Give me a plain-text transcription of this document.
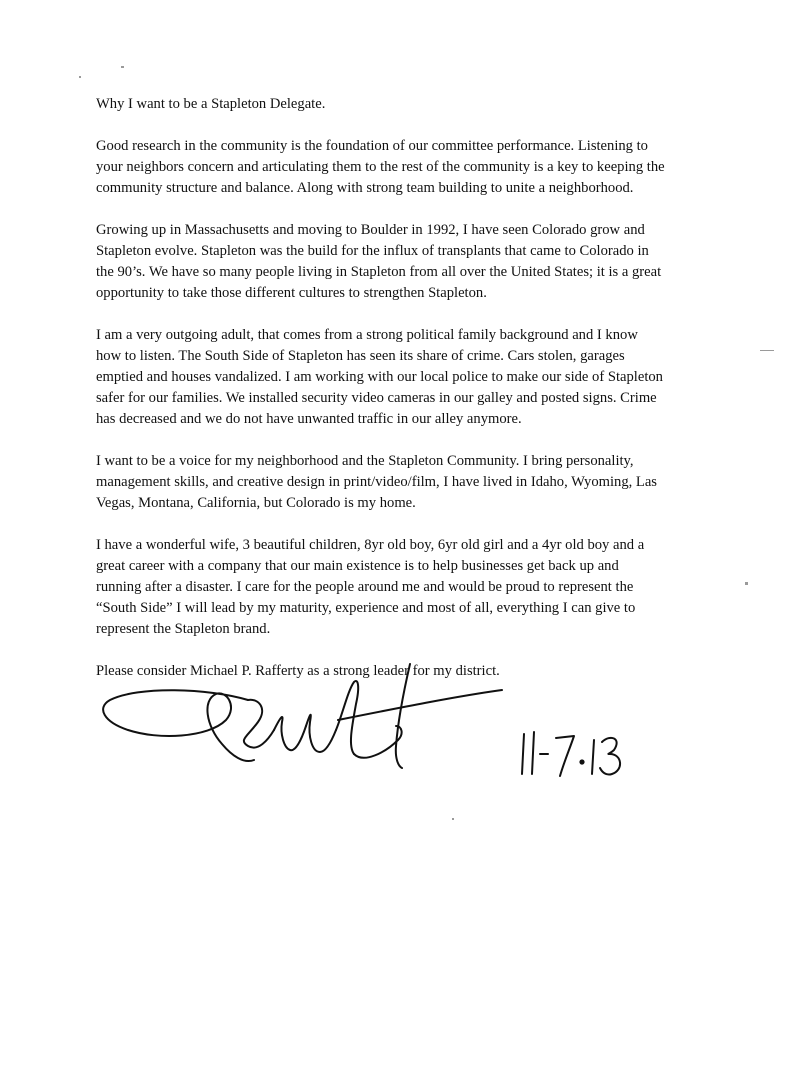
Why I want to be a Stapleton Delegate.

Good research in the community is the foundation of our committee performance. Listening to
your neighbors concern and articulating them to the rest of the community is a key to keeping the
community structure and balance. Along with strong team building to unite a neighborhood.

Growing up in Massachusetts and moving to Boulder in 1992, I have seen Colorado grow and
Stapleton evolve. Stapleton was the build for the influx of transplants that came to Colorado in
the 90’s. We have so many people living in Stapleton from all over the United States; it is a great
opportunity to take those different cultures to strengthen Stapleton.

I am a very outgoing adult, that comes from a strong political family background and I know
how to listen. The South Side of Stapleton has seen its share of crime. Cars stolen, garages
emptied and houses vandalized. I am working with our local police to make our side of Stapleton
safer for our families. We installed security video cameras in our galley and posted signs. Crime
has decreased and we do not have unwanted traffic in our alley anymore.

I want to be a voice for my neighborhood and the Stapleton Community. I bring personality,
management skills, and creative design in print/video/film, I have lived in Idaho, Wyoming, Las
Vegas, Montana, California, but Colorado is my home.

I have a wonderful wife, 3 beautiful children, 8yr old boy, 6yr old girl and a 4yr old boy and a
great career with a company that our main existence is to help businesses get back up and
running after a disaster. I care for the people around me and would be proud to represent the
“South Side” I will lead by my maturity, experience and most of all, everything I can give to
represent the Stapleton brand.

Please consider Michael P. Rafferty as a strong leader for my district.
